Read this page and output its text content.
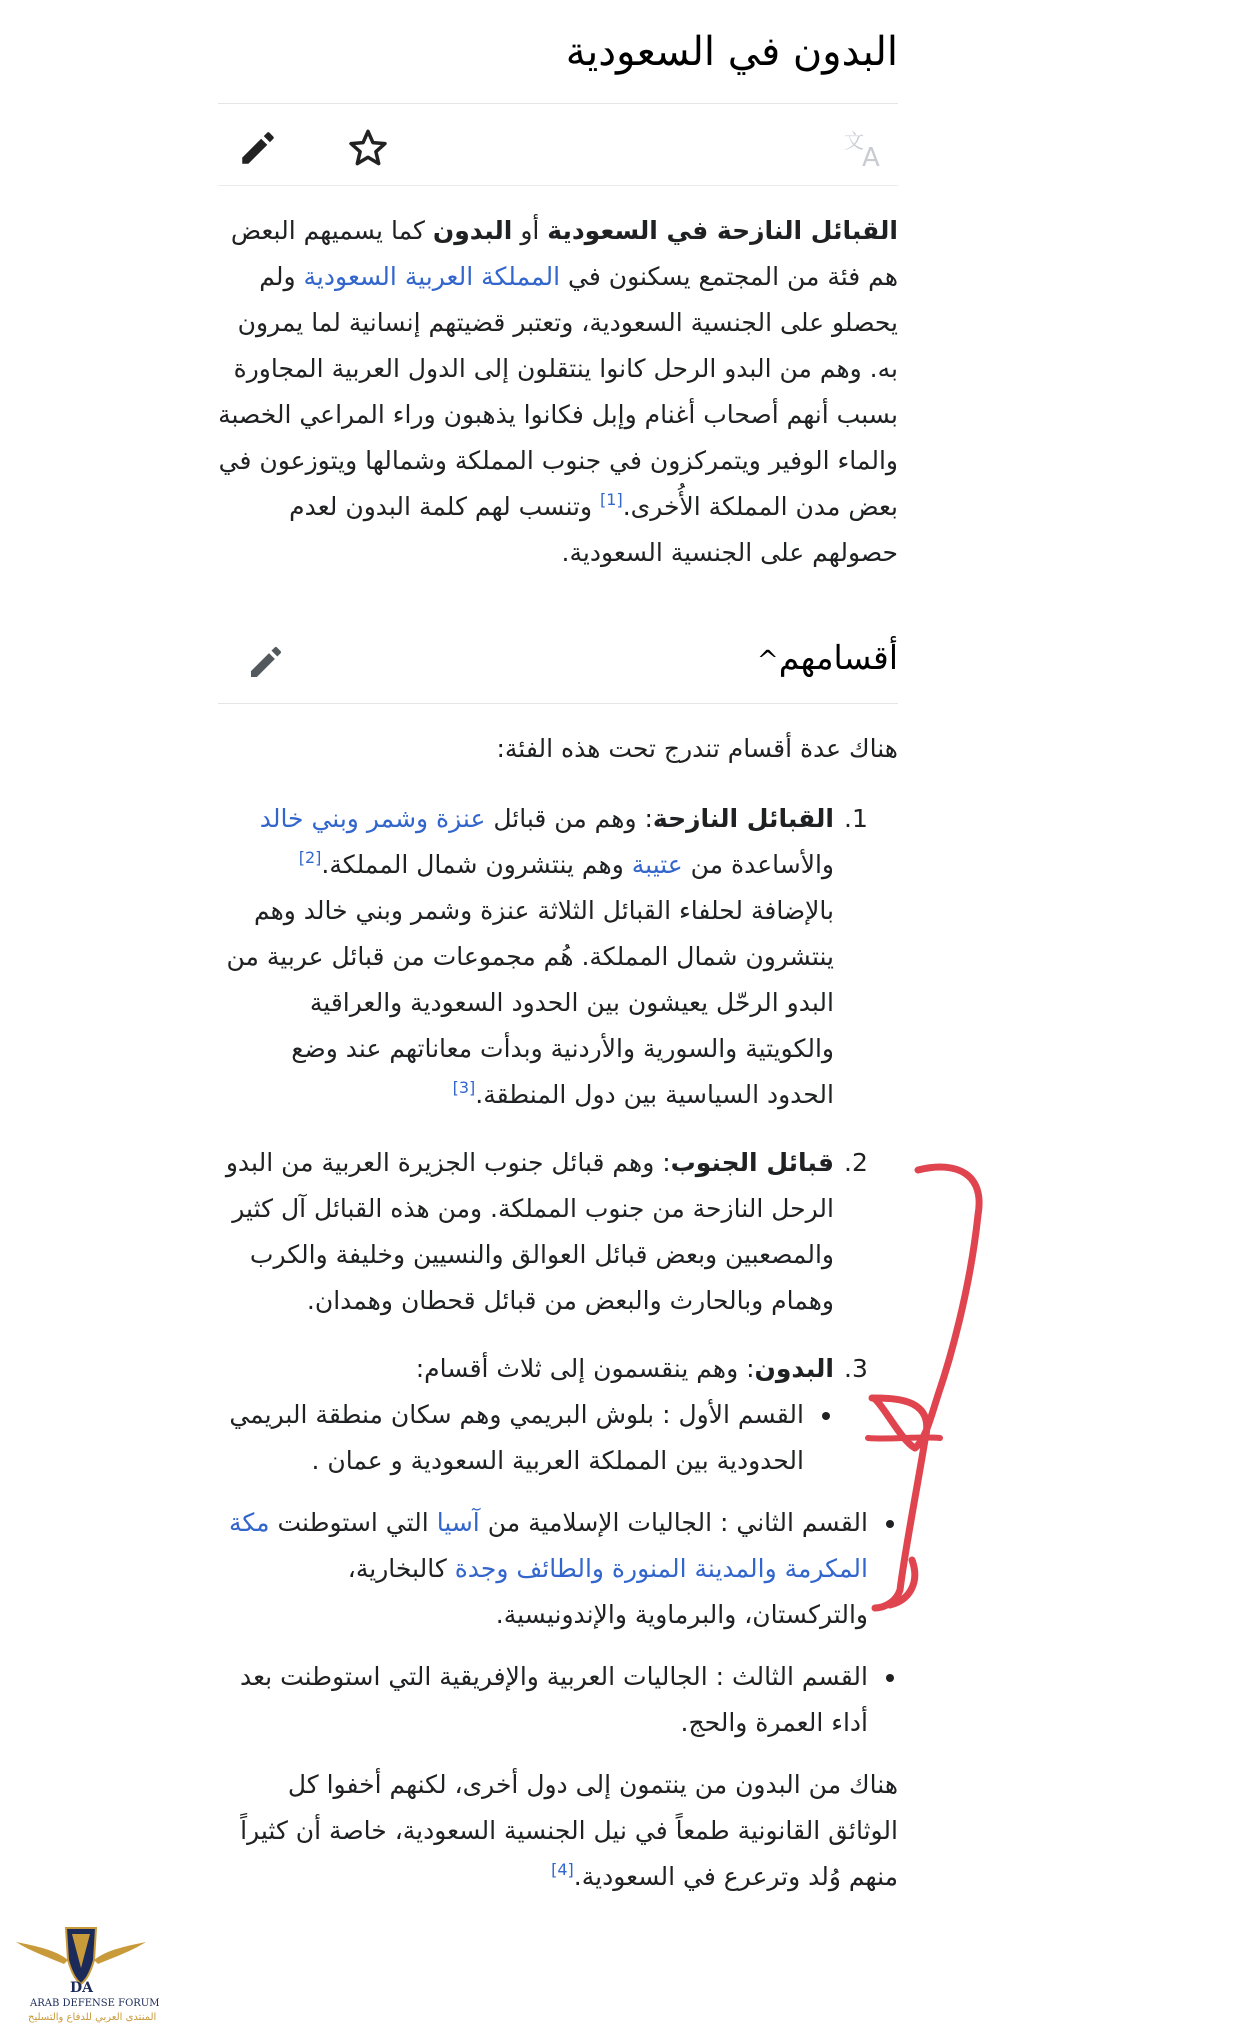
البدون في السعودية
文
A

القبائل النازحة في السعودية أو البدون كما يسميهم البعض هم فئة من المجتمع يسكنون في المملكة العربية السعودية ولم يحصلو على الجنسية السعودية، وتعتبر قضيتهم إنسانية لما يمرون به. وهم من البدو الرحل كانوا ينتقلون إلى الدول العربية المجاورة بسبب أنهم أصحاب أغنام وإبل فكانوا يذهبون وراء المراعي الخصبة والماء الوفير ويتمركزون في جنوب المملكة وشمالها ويتوزعون في بعض مدن المملكة الأُخرى.[1] وتنسب لهم كلمة البدون لعدم حصولهم على الجنسية السعودية.

أقسامهم^

هناك عدة أقسام تندرج تحت هذه الفئة:

.1
القبائل النازحة: وهم من قبائل عنزة وشمر وبني خالد والأساعدة من عتيبة وهم ينتشرون شمال المملكة.[2] بالإضافة لحلفاء القبائل الثلاثة عنزة وشمر وبني خالد وهم ينتشرون شمال المملكة. هُم مجموعات من قبائل عربية من البدو الرحّل يعيشون بين الحدود السعودية والعراقية والكويتية والسورية والأردنية وبدأت معاناتهم عند وضع الحدود السياسية بين دول المنطقة.[3]
.2
قبائل الجنوب: وهم قبائل جنوب الجزيرة العربية من البدو الرحل النازحة من جنوب المملكة. ومن هذه القبائل آل كثير والمصعبين وبعض قبائل العوالق والنسيين وخليفة والكرب وهمام وبالحارث والبعض من قبائل قحطان وهمدان.
.3
البدون: وهم ينقسمون إلى ثلاث أقسام:
القسم الأول : بلوش البريمي وهم سكان منطقة البريمي الحدودية بين المملكة العربية السعودية و عمان .
القسم الثاني : الجاليات الإسلامية من آسيا التي استوطنت مكة المكرمة والمدينة المنورة والطائف وجدة كالبخارية، والتركستان، والبرماوية والإندونيسية.
القسم الثالث : الجاليات العربية والإفريقية التي استوطنت بعد أداء العمرة والحج.

هناك من البدون من ينتمون إلى دول أخرى، لكنهم أخفوا كل الوثائق القانونية طمعاً في نيل الجنسية السعودية، خاصة أن كثيراً منهم وُلد وترعرع في السعودية.[4]

DA
ARAB DEFENSE FORUM
المنتدى العربي للدفاع والتسليح
